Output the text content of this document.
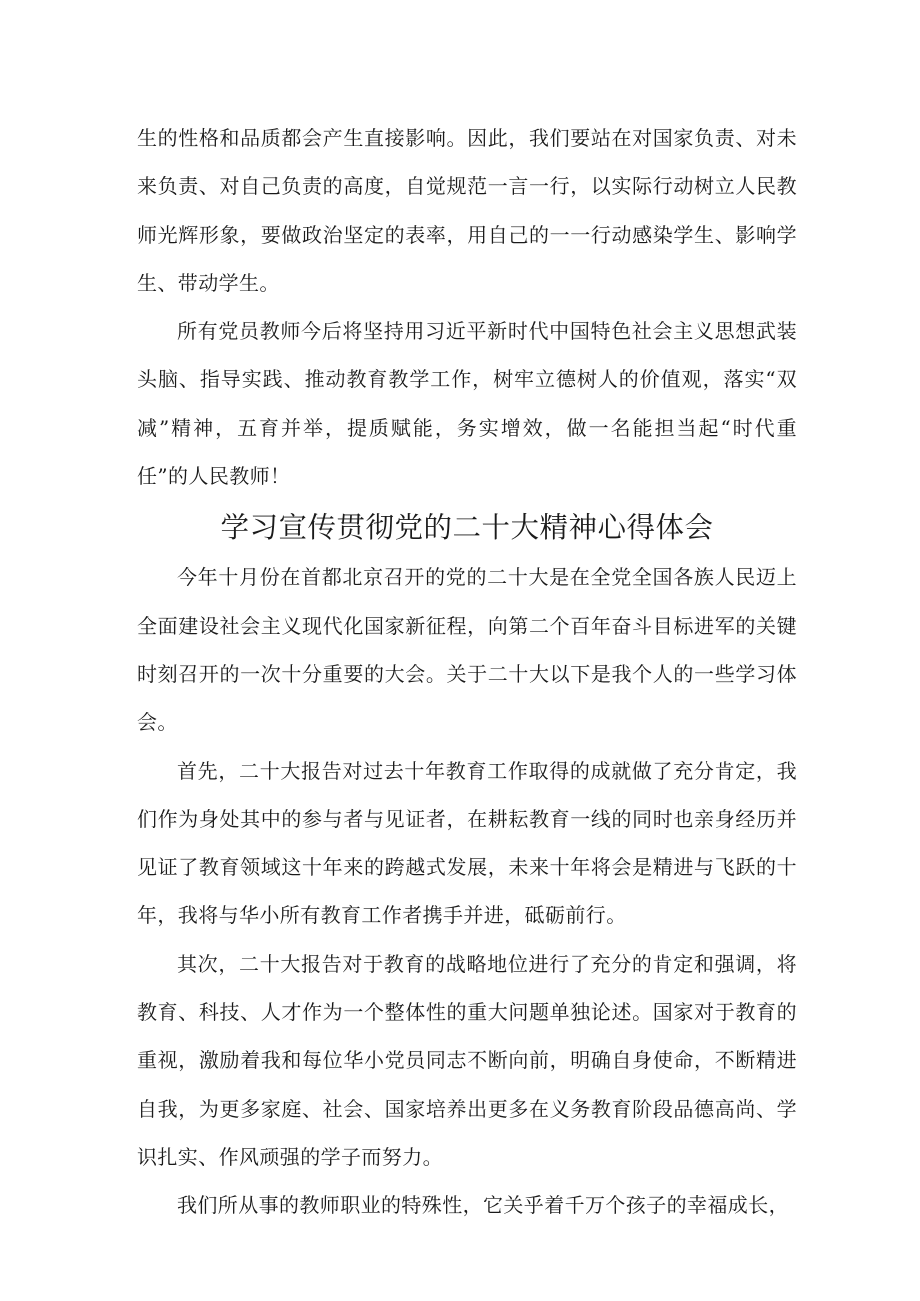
生的性格和品质都会产生直接影响。因此，我们要站在对国家负责、对未来负责、对自己负责的高度，自觉规范一言一行，以实际行动树立人民教师光辉形象，要做政治坚定的表率，用自己的一一行动感染学生、影响学生、带动学生。

所有党员教师今后将坚持用习近平新时代中国特色社会主义思想武装头脑、指导实践、推动教育教学工作，树牢立德树人的价值观，落实“双减”精神，五育并举，提质赋能，务实增效，做一名能担当起“时代重任”的人民教师！

学习宣传贯彻党的二十大精神心得体会

今年十月份在首都北京召开的党的二十大是在全党全国各族人民迈上全面建设社会主义现代化国家新征程，向第二个百年奋斗目标进军的关键时刻召开的一次十分重要的大会。关于二十大以下是我个人的一些学习体会。

首先，二十大报告对过去十年教育工作取得的成就做了充分肯定，我们作为身处其中的参与者与见证者，在耕耘教育一线的同时也亲身经历并见证了教育领域这十年来的跨越式发展，未来十年将会是精进与飞跃的十年，我将与华小所有教育工作者携手并进，砥砺前行。

其次，二十大报告对于教育的战略地位进行了充分的肯定和强调，将教育、科技、人才作为一个整体性的重大问题单独论述。国家对于教育的重视，激励着我和每位华小党员同志不断向前，明确自身使命，不断精进自我，为更多家庭、社会、国家培养出更多在义务教育阶段品德高尚、学识扎实、作风顽强的学子而努力。

我们所从事的教师职业的特殊性，它关乎着千万个孩子的幸福成长，
